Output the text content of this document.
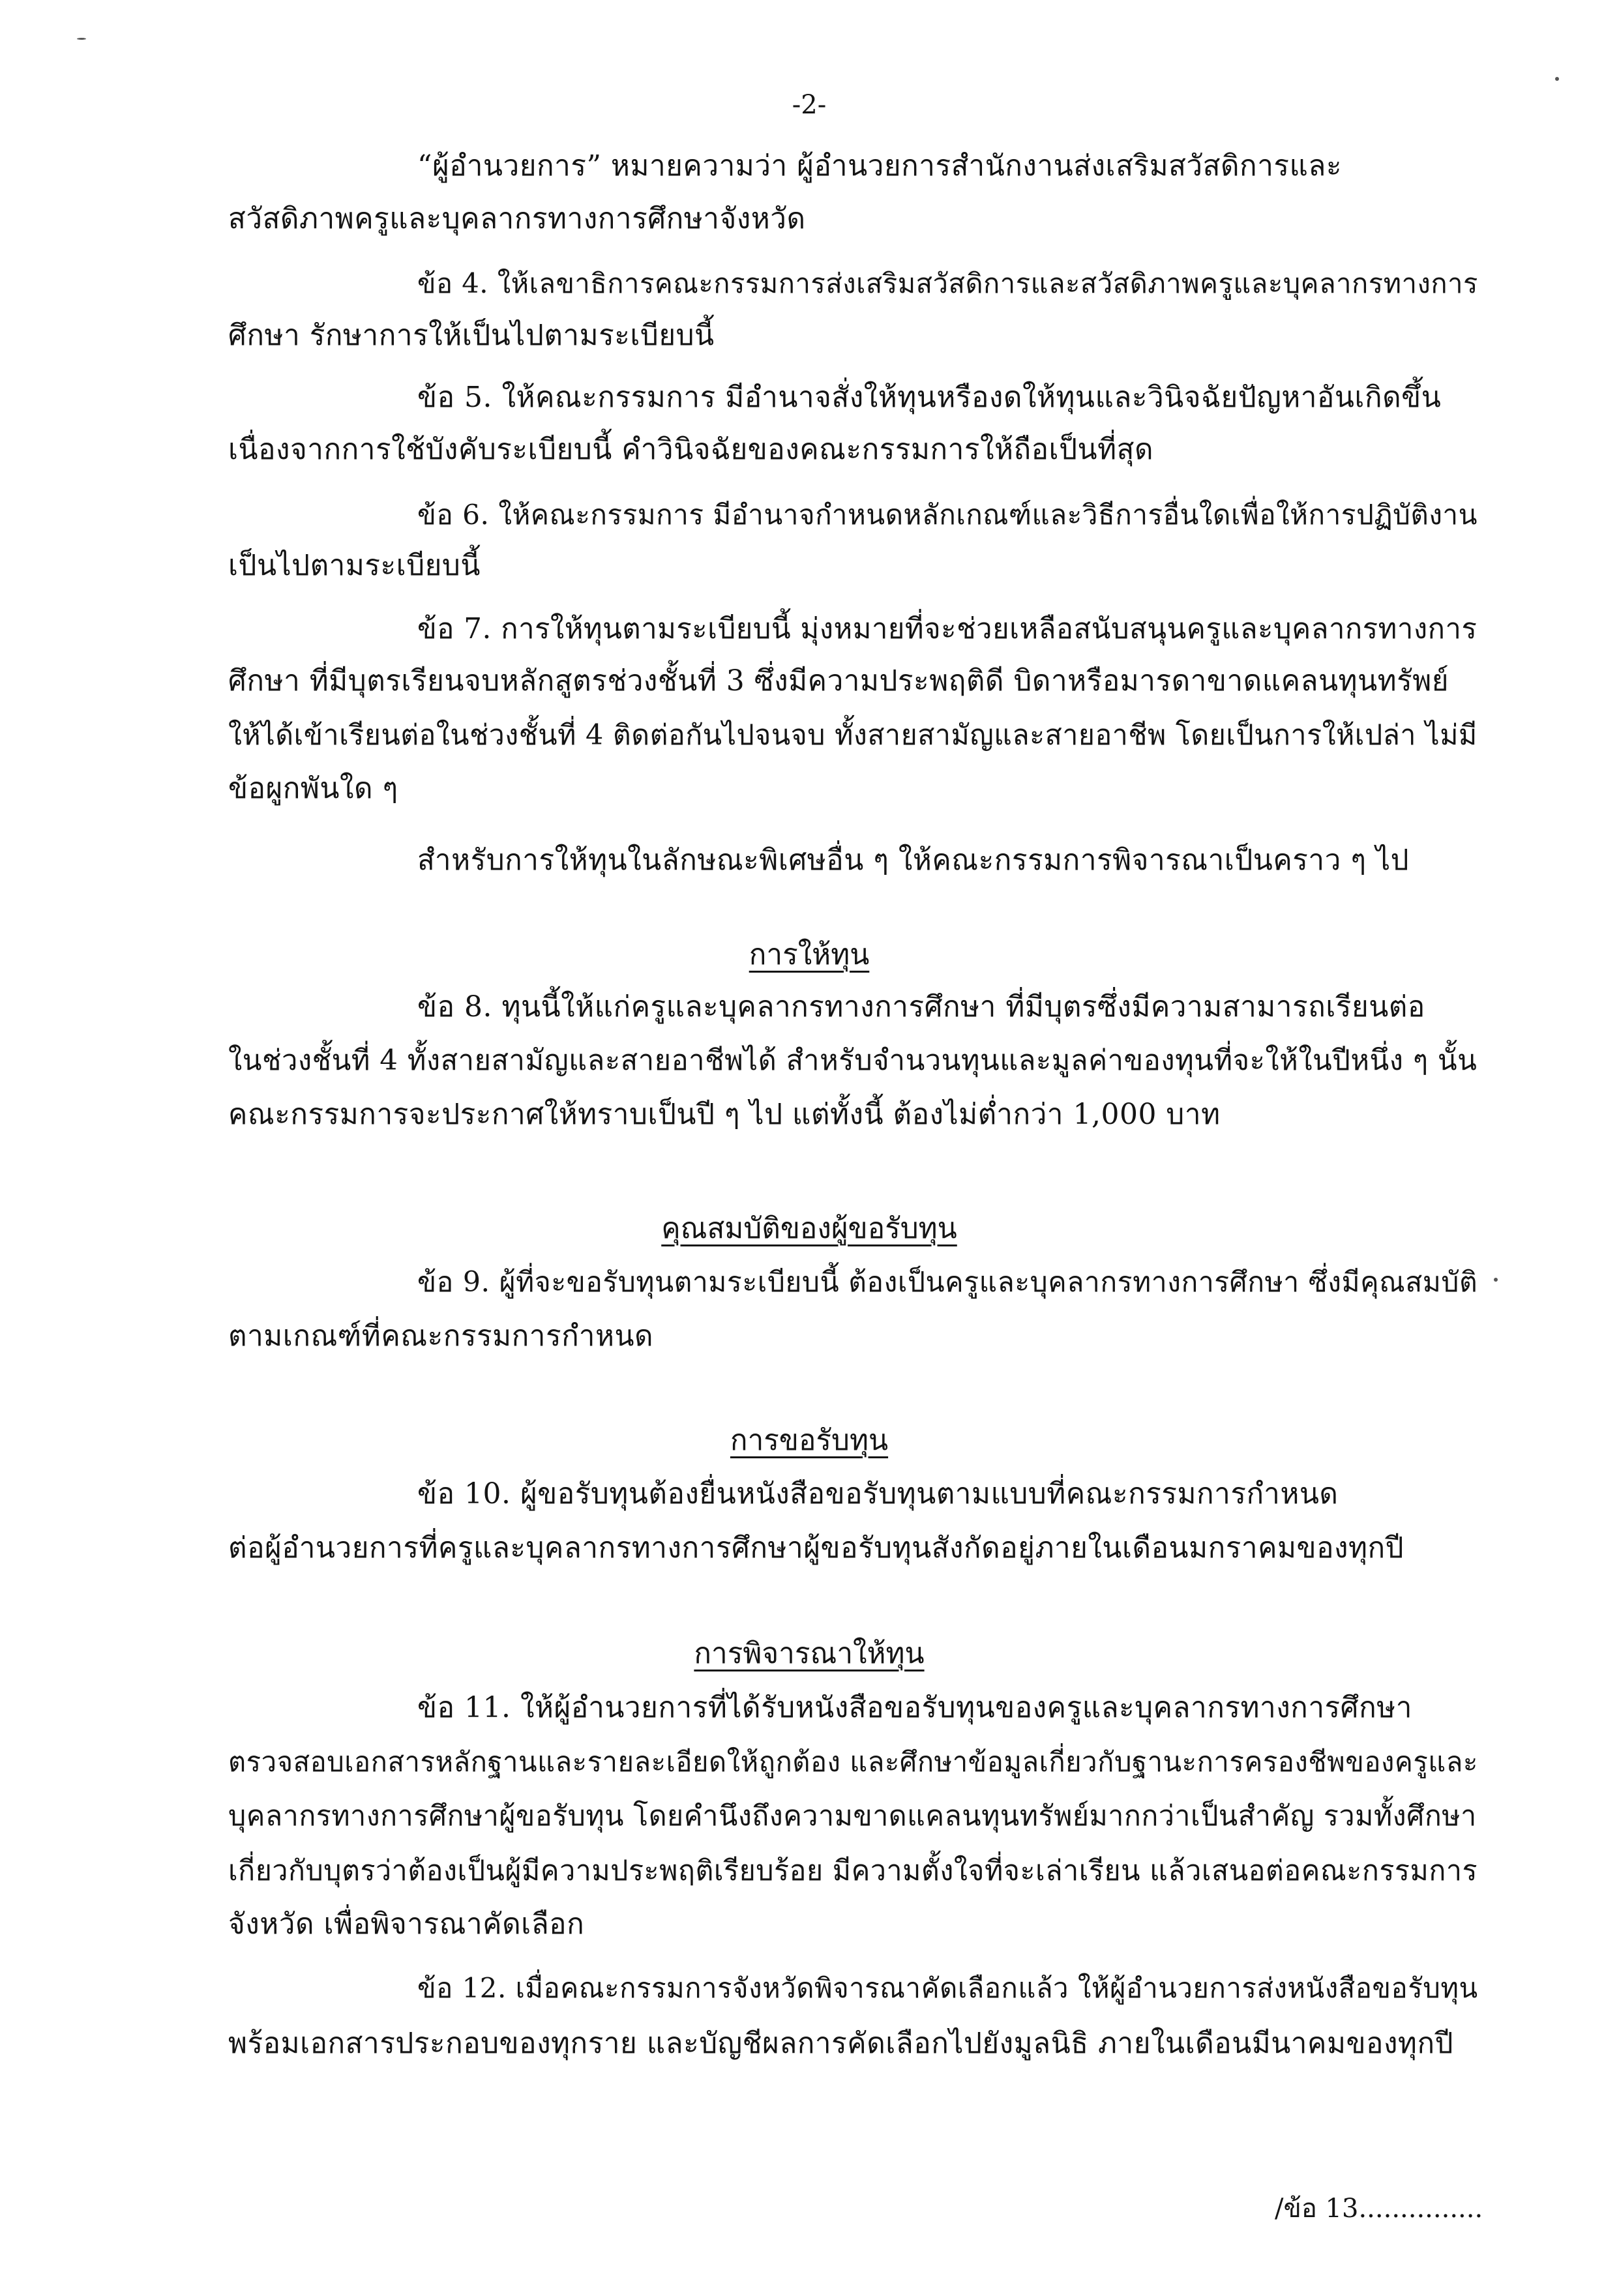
-2-
“ผู้อำนวยการ” หมายความว่า ผู้อำนวยการสำนักงานส่งเสริมสวัสดิการและ
สวัสดิภาพครูและบุคลากรทางการศึกษาจังหวัด
ข้อ 4. ให้เลขาธิการคณะกรรมการส่งเสริมสวัสดิการและสวัสดิภาพครูและบุคลากรทางการ
ศึกษา รักษาการให้เป็นไปตามระเบียบนี้
ข้อ 5. ให้คณะกรรมการ มีอำนาจสั่งให้ทุนหรืองดให้ทุนและวินิจฉัยปัญหาอันเกิดขึ้น
เนื่องจากการใช้บังคับระเบียบนี้ คำวินิจฉัยของคณะกรรมการให้ถือเป็นที่สุด
ข้อ 6. ให้คณะกรรมการ มีอำนาจกำหนดหลักเกณฑ์และวิธีการอื่นใดเพื่อให้การปฏิบัติงาน
เป็นไปตามระเบียบนี้
ข้อ 7. การให้ทุนตามระเบียบนี้ มุ่งหมายที่จะช่วยเหลือสนับสนุนครูและบุคลากรทางการ
ศึกษา ที่มีบุตรเรียนจบหลักสูตรช่วงชั้นที่ 3 ซึ่งมีความประพฤติดี บิดาหรือมารดาขาดแคลนทุนทรัพย์
ให้ได้เข้าเรียนต่อในช่วงชั้นที่ 4 ติดต่อกันไปจนจบ ทั้งสายสามัญและสายอาชีพ โดยเป็นการให้เปล่า ไม่มี
ข้อผูกพันใด ๆ
สำหรับการให้ทุนในลักษณะพิเศษอื่น ๆ ให้คณะกรรมการพิจารณาเป็นคราว ๆ ไป
การให้ทุน
ข้อ 8. ทุนนี้ให้แก่ครูและบุคลากรทางการศึกษา ที่มีบุตรซึ่งมีความสามารถเรียนต่อ
ในช่วงชั้นที่ 4 ทั้งสายสามัญและสายอาชีพได้ สำหรับจำนวนทุนและมูลค่าของทุนที่จะให้ในปีหนึ่ง ๆ นั้น
คณะกรรมการจะประกาศให้ทราบเป็นปี ๆ ไป แต่ทั้งนี้ ต้องไม่ต่ำกว่า 1,000 บาท
คุณสมบัติของผู้ขอรับทุน
ข้อ 9. ผู้ที่จะขอรับทุนตามระเบียบนี้ ต้องเป็นครูและบุคลากรทางการศึกษา ซึ่งมีคุณสมบัติ
ตามเกณฑ์ที่คณะกรรมการกำหนด
การขอรับทุน
ข้อ 10. ผู้ขอรับทุนต้องยื่นหนังสือขอรับทุนตามแบบที่คณะกรรมการกำหนด
ต่อผู้อำนวยการที่ครูและบุคลากรทางการศึกษาผู้ขอรับทุนสังกัดอยู่ภายในเดือนมกราคมของทุกปี
การพิจารณาให้ทุน
ข้อ 11. ให้ผู้อำนวยการที่ได้รับหนังสือขอรับทุนของครูและบุคลากรทางการศึกษา
ตรวจสอบเอกสารหลักฐานและรายละเอียดให้ถูกต้อง และศึกษาข้อมูลเกี่ยวกับฐานะการครองชีพของครูและ
บุคลากรทางการศึกษาผู้ขอรับทุน โดยคำนึงถึงความขาดแคลนทุนทรัพย์มากกว่าเป็นสำคัญ รวมทั้งศึกษา
เกี่ยวกับบุตรว่าต้องเป็นผู้มีความประพฤติเรียบร้อย มีความตั้งใจที่จะเล่าเรียน แล้วเสนอต่อคณะกรรมการ
จังหวัด เพื่อพิจารณาคัดเลือก
ข้อ 12. เมื่อคณะกรรมการจังหวัดพิจารณาคัดเลือกแล้ว ให้ผู้อำนวยการส่งหนังสือขอรับทุน
พร้อมเอกสารประกอบของทุกราย และบัญชีผลการคัดเลือกไปยังมูลนิธิ ภายในเดือนมีนาคมของทุกปี
/ข้อ 13...............
